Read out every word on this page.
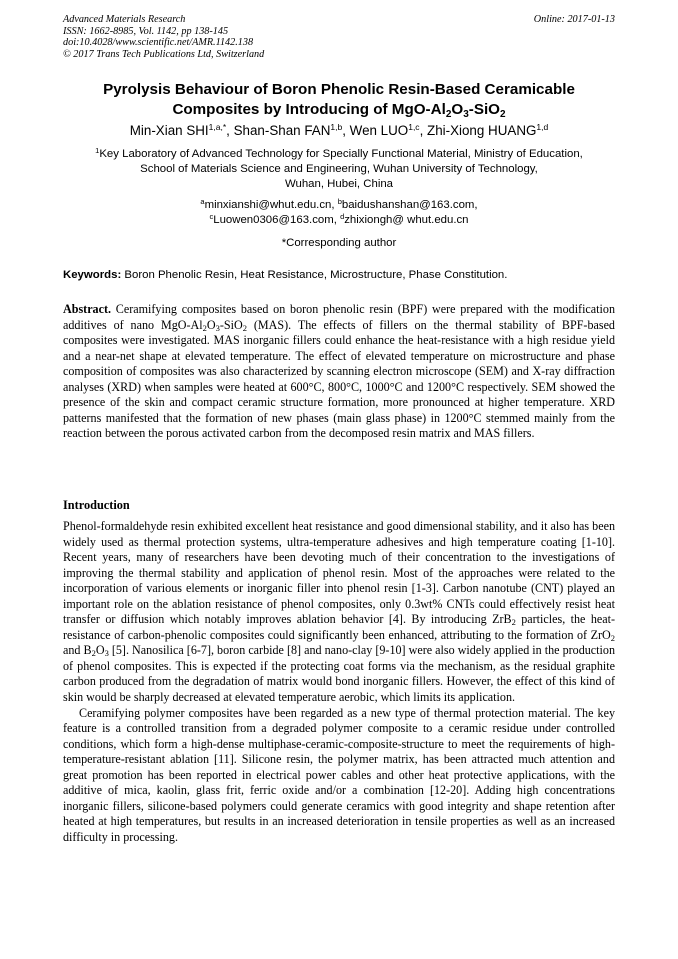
Advanced Materials Research
ISSN: 1662-8985, Vol. 1142, pp 138-145
doi:10.4028/www.scientific.net/AMR.1142.138
© 2017 Trans Tech Publications Ltd, Switzerland
Online: 2017-01-13
Pyrolysis Behaviour of Boron Phenolic Resin-Based Ceramicable
Composites by Introducing of MgO-$Al_2O_3-SiO_2$
Min-Xian $SHI^{1,a,*}$, Shan-Shan FAN$^{1,b}$, Wen LUO$^{1,c}$, Zhi-Xiong HUANG$^{1,d}$
$^1$Key Laboratory of Advanced Technology for Specially Functional Material, Ministry of Education,
School of Materials Science and Engineering, Wuhan University of Technology,
Wuhan, Hubei, China
$^a$minxianshi@whut.edu.cn, $^b$baidushanshan@163.com,
$^c$Luowen0306@163.com, $^d$zhixiongh@ whut.edu.cn
*Corresponding author
Keywords: Boron Phenolic Resin, Heat Resistance, Microstructure, Phase Constitution.
Abstract. Ceramifying composites based on boron phenolic resin (BPF) were prepared with the modification additives of nano MgO-$Al_2O_3-SiO_2$ (MAS). The effects of fillers on the thermal stability of BPF-based composites were investigated. MAS inorganic fillers could enhance the heat-resistance with a high residue yield and a near-net shape at elevated temperature. The effect of elevated temperature on microstructure and phase composition of composites was also characterized by scanning electron microscope (SEM) and X-ray diffraction analyses (XRD) when samples were heated at 600°C, 800°C, 1000°C and 1200°C respectively. SEM showed the presence of the skin and compact ceramic structure formation, more pronounced at higher temperature. XRD patterns manifested that the formation of new phases (main glass phase) in 1200°C stemmed mainly from the reaction between the porous activated carbon from the decomposed resin matrix and MAS fillers.
Introduction

Phenol-formaldehyde resin exhibited excellent heat resistance and good dimensional stability, and it also has been widely used as thermal protection systems, ultra-temperature adhesives and high temperature coating [1-10]. Recent years, many of researchers have been devoting much of their concentration to the investigations of improving the thermal stability and application of phenol resin. Most of the approaches were related to the incorporation of various elements or inorganic filler into phenol resin [1-3]. Carbon nanotube (CNT) played an important role on the ablation resistance of phenol composites, only 0.3wt% CNTs could effectively resist heat transfer or diffusion which notably improves ablation behavior [4]. By introducing ZrB$_2$ particles, the heat-resistance of carbon-phenolic composites could significantly been enhanced, attributing to the formation of ZrO$_2$ and $B_2O_3$ [5]. Nanosilica [6-7], boron carbide [8] and nano-clay [9-10] were also widely applied in the production of phenol composites. This is expected if the protecting coat forms via the mechanism, as the residual graphite carbon produced from the degradation of matrix would bond inorganic fillers. However, the effect of this kind of skin would be sharply decreased at elevated temperature aerobic, which limits its application.

Ceramifying polymer composites have been regarded as a new type of thermal protection material. The key feature is a controlled transition from a degraded polymer composite to a ceramic residue under controlled conditions, which form a high-dense multiphase-ceramic-composite-structure to meet the requirements of high-temperature-resistant ablation [11]. Silicone resin, the polymer matrix, has been attracted much attention and great promotion has been reported in electrical power cables and other heat protective applications, with the additive of mica, kaolin, glass frit, ferric oxide and/or a combination [12-20]. Adding high concentrations inorganic fillers, silicone-based polymers could generate ceramics with good integrity and shape retention after heated at high temperatures, but results in an increased deterioration in tensile properties as well as an increased difficulty in processing.
